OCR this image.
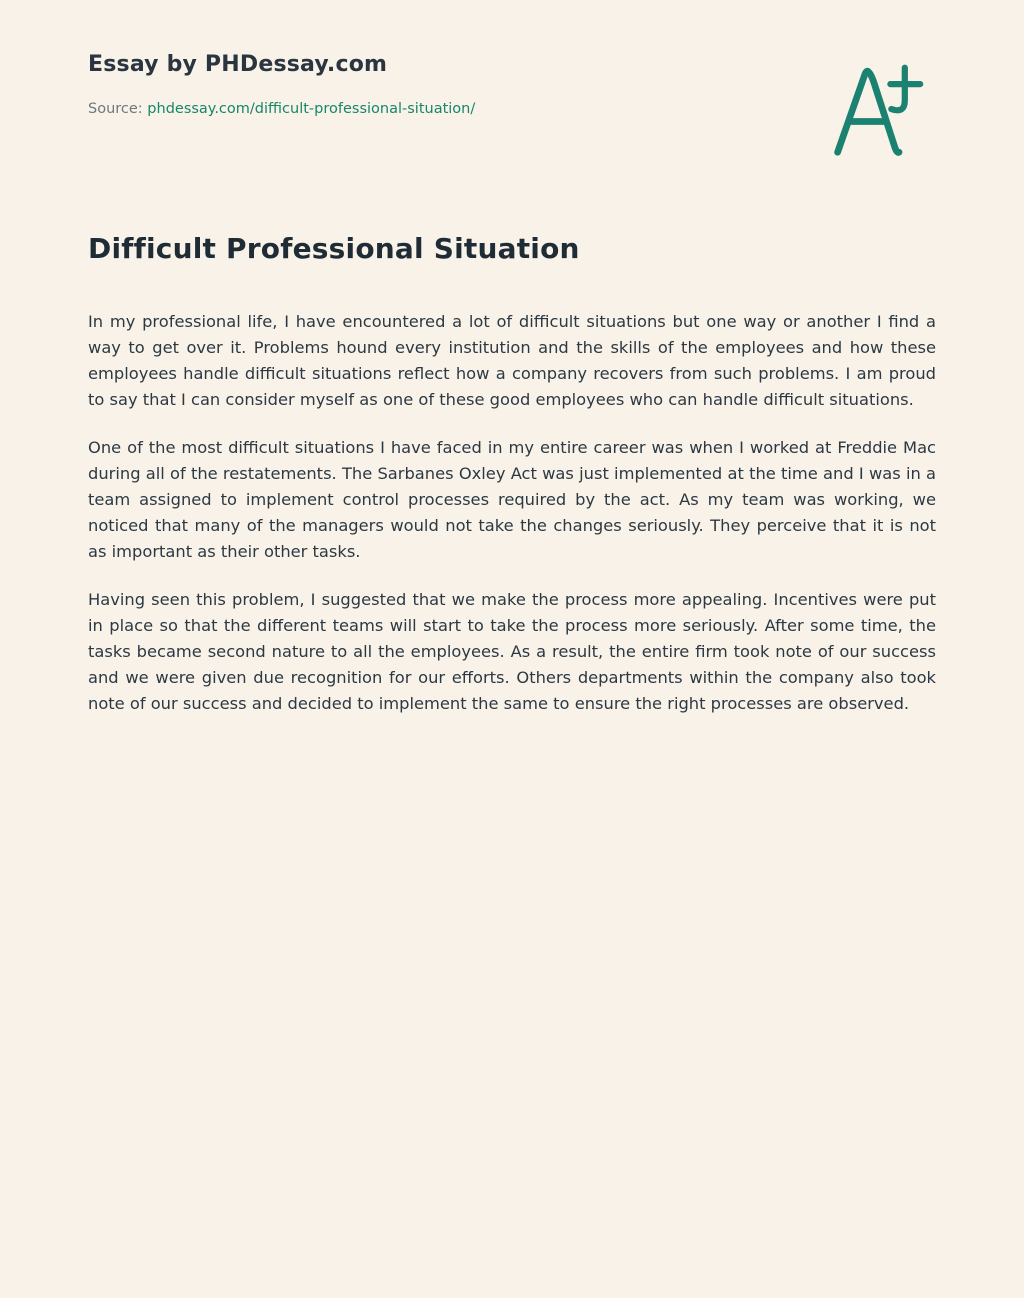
Essay by PHDessay.com
Source: phdessay.com/difficult-professional-situation/
Difficult Professional Situation

In my professional life, I have encountered a lot of difficult situations but one way or another I find a way to get over it. Problems hound every institution and the skills of the employees and how these employees handle difficult situations reflect how a company recovers from such problems. I am proud to say that I can consider myself as one of these good employees who can handle difficult situations.

One of the most difficult situations I have faced in my entire career was when I worked at Freddie Mac during all of the restatements. The Sarbanes Oxley Act was just implemented at the time and I was in a team assigned to implement control processes required by the act. As my team was working, we noticed that many of the managers would not take the changes seriously. They perceive that it is not as important as their other tasks.

Having seen this problem, I suggested that we make the process more appealing. Incentives were put in place so that the different teams will start to take the process more seriously. After some time, the tasks became second nature to all the employees. As a result, the entire firm took note of our success and we were given due recognition for our efforts. Others departments within the company also took note of our success and decided to implement the same to ensure the right processes are observed.
